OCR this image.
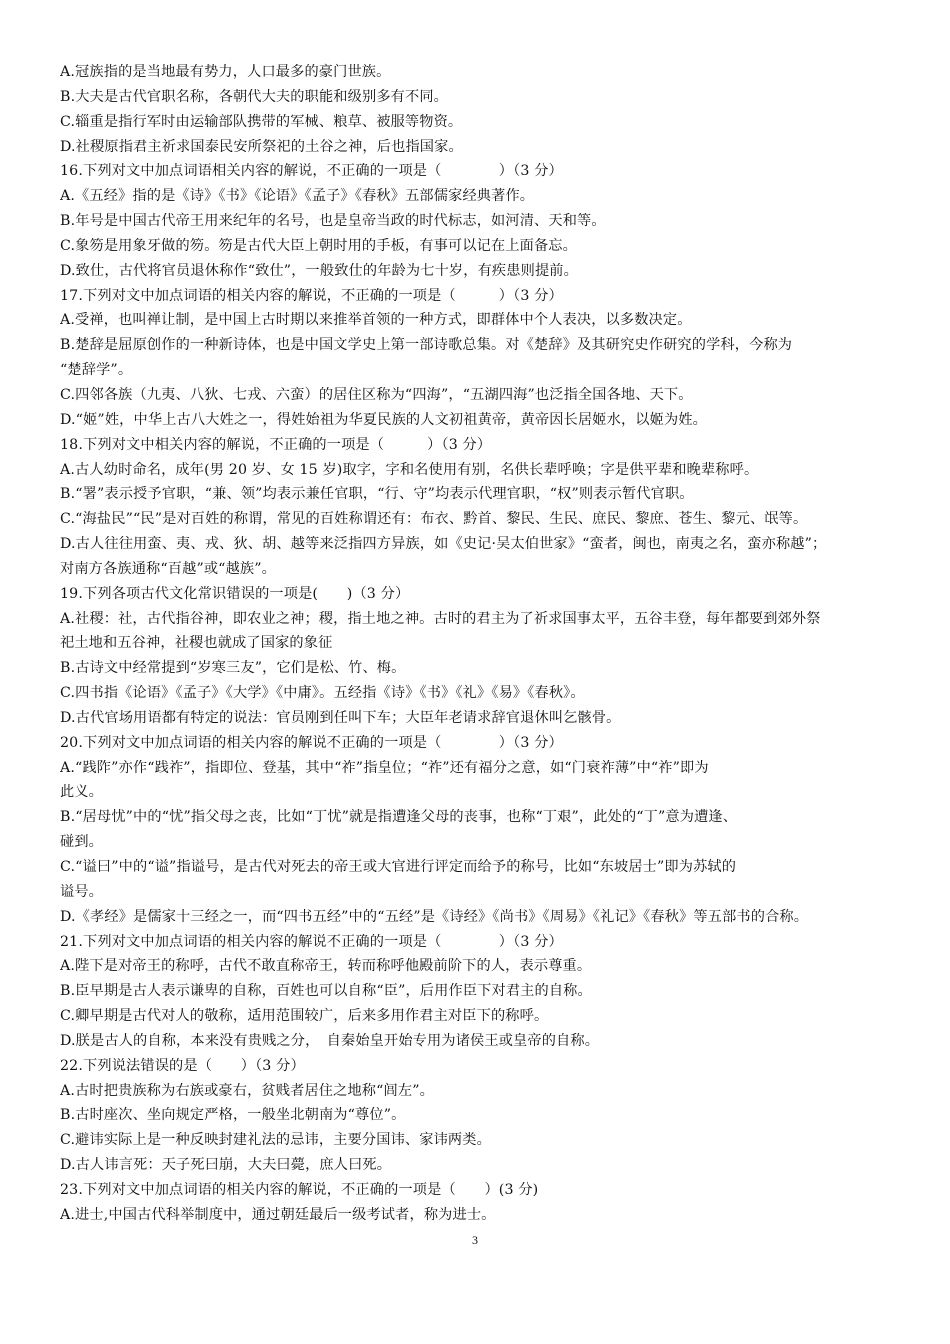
A.冠族指的是当地最有势力，人口最多的豪门世族。
B.大夫是古代官职名称，各朝代大夫的职能和级别多有不同。
C.辎重是指行军时由运输部队携带的军械、粮草、被服等物资。
D.社稷原指君主祈求国泰民安所祭祀的土谷之神，后也指国家。
16.下列对文中加点词语相关内容的解说，不正确的一项是（　　　　）（3 分）
A.《五经》指的是《诗》《书》《论语》《孟子》《春秋》五部儒家经典著作。
B.年号是中国古代帝王用来纪年的名号，也是皇帝当政的时代标志，如河清、天和等。
C.象笏是用象牙做的笏。笏是古代大臣上朝时用的手板，有事可以记在上面备忘。
D.致仕，古代将官员退休称作“致仕”，一般致仕的年龄为七十岁，有疾患则提前。
17.下列对文中加点词语的相关内容的解说，不正确的一项是（　　　）（3 分）
A.受禅，也叫禅让制，是中国上古时期以来推举首领的一种方式，即群体中个人表决，以多数决定。
B.楚辞是屈原创作的一种新诗体，也是中国文学史上第一部诗歌总集。对《楚辞》及其研究史作研究的学科，今称为
“楚辞学”。
C.四邻各族（九夷、八狄、七戎、六蛮）的居住区称为“四海”，“五湖四海”也泛指全国各地、天下。
D.“姬”姓，中华上古八大姓之一，得姓始祖为华夏民族的人文初祖黄帝，黄帝因长居姬水，以姬为姓。
18.下列对文中相关内容的解说，不正确的一项是（　　　）（3 分）
A.古人幼时命名，成年(男 20 岁、女 15 岁)取字，字和名使用有别，名供长辈呼唤；字是供平辈和晚辈称呼。
B.“署”表示授予官职，“兼、领”均表示兼任官职，“行、守”均表示代理官职，“权”则表示暂代官职。
C.“海盐民”“民”是对百姓的称谓，常见的百姓称谓还有：布衣、黔首、黎民、生民、庶民、黎庶、苍生、黎元、氓等。
D.古人往往用蛮、夷、戎、狄、胡、越等来泛指四方异族，如《史记·吴太伯世家》“蛮者，闽也，南夷之名，蛮亦称越”；
对南方各族通称“百越”或“越族”。
19.下列各项古代文化常识错误的一项是(　　)（3 分）
A.社稷：社，古代指谷神，即农业之神；稷，指土地之神。古时的君主为了祈求国事太平，五谷丰登，每年都要到郊外祭
祀土地和五谷神，社稷也就成了国家的象征
B.古诗文中经常提到“岁寒三友”，它们是松、竹、梅。
C.四书指《论语》《孟子》《大学》《中庸》。五经指《诗》《书》《礼》《易》《春秋》。
D.古代官场用语都有特定的说法：官员刚到任叫下车；大臣年老请求辞官退休叫乞骸骨。
20.下列对文中加点词语的相关内容的解说不正确的一项是（　　　　）（3 分）
A.“践阼”亦作“践祚”，指即位、登基，其中“祚”指皇位；“祚”还有福分之意，如“门衰祚薄”中“祚”即为
此义。
B.“居母忧”中的“忧”指父母之丧，比如“丁忧”就是指遭逢父母的丧事，也称“丁艰”，此处的“丁”意为遭逢、
碰到。
C.“谥曰”中的“谥”指谥号，是古代对死去的帝王或大官进行评定而给予的称号，比如“东坡居士”即为苏轼的
谥号。
D.《孝经》是儒家十三经之一，而“四书五经”中的“五经”是《诗经》《尚书》《周易》《礼记》《春秋》等五部书的合称。
21.下列对文中加点词语的相关内容的解说不正确的一项是（　　　　）（3 分）
A.陛下是对帝王的称呼，古代不敢直称帝王，转而称呼他殿前阶下的人，表示尊重。
B.臣早期是古人表示谦卑的自称，百姓也可以自称“臣”，后用作臣下对君主的自称。
C.卿早期是古代对人的敬称，适用范围较广，后来多用作君主对臣下的称呼。
D.朕是古人的自称，本来没有贵贱之分，　自秦始皇开始专用为诸侯王或皇帝的自称。
22.下列说法错误的是（　　）（3 分）
A.古时把贵族称为右族或豪右，贫贱者居住之地称“闾左”。
B.古时座次、坐向规定严格，一般坐北朝南为“尊位”。
C.避讳实际上是一种反映封建礼法的忌讳，主要分国讳、家讳两类。
D.古人讳言死：天子死曰崩，大夫曰薨，庶人曰死。
23.下列对文中加点词语的相关内容的解说，不正确的一项是（　　）(3 分)
A.进士,中国古代科举制度中，通过朝廷最后一级考试者，称为进士。
3
